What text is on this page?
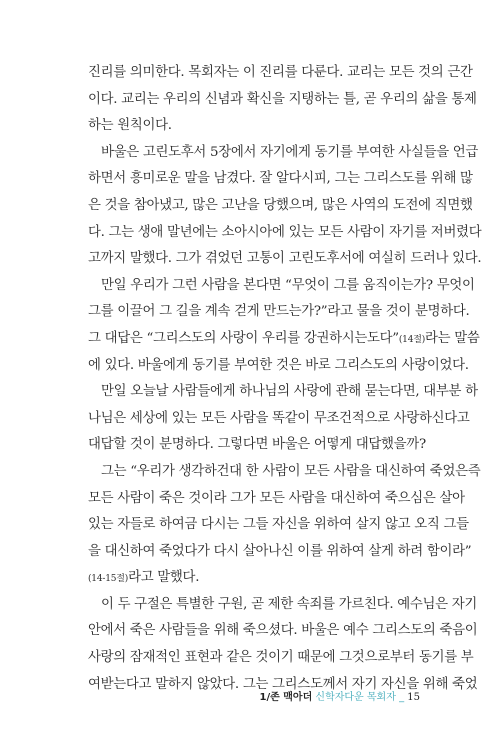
진리를 의미한다. 목회자는 이 진리를 다룬다. 교리는 모든 것의 근간
이다. 교리는 우리의 신념과 확신을 지탱하는 틀, 곧 우리의 삶을 통제
하는 원칙이다.
바울은 고린도후서 5장에서 자기에게 동기를 부여한 사실들을 언급
하면서 흥미로운 말을 남겼다. 잘 알다시피, 그는 그리스도를 위해 많
은 것을 참아냈고, 많은 고난을 당했으며, 많은 사역의 도전에 직면했
다. 그는 생애 말년에는 소아시아에 있는 모든 사람이 자기를 저버렸다
고까지 말했다. 그가 겪었던 고통이 고린도후서에 여실히 드러나 있다.
만일 우리가 그런 사람을 본다면 “무엇이 그를 움직이는가? 무엇이
그를 이끌어 그 길을 계속 걷게 만드는가?”라고 물을 것이 분명하다.
그 대답은 “그리스도의 사랑이 우리를 강권하시는도다”(14절)라는 말씀
에 있다. 바울에게 동기를 부여한 것은 바로 그리스도의 사랑이었다.
만일 오늘날 사람들에게 하나님의 사랑에 관해 묻는다면, 대부분 하
나님은 세상에 있는 모든 사람을 똑같이 무조건적으로 사랑하신다고
대답할 것이 분명하다. 그렇다면 바울은 어떻게 대답했을까?
그는 “우리가 생각하건대 한 사람이 모든 사람을 대신하여 죽었은즉
모든 사람이 죽은 것이라 그가 모든 사람을 대신하여 죽으심은 살아
있는 자들로 하여금 다시는 그들 자신을 위하여 살지 않고 오직 그들
을 대신하여 죽었다가 다시 살아나신 이를 위하여 살게 하려 함이라”
(14-15절)라고 말했다.
이 두 구절은 특별한 구원, 곧 제한 속죄를 가르친다. 예수님은 자기
안에서 죽은 사람들을 위해 죽으셨다. 바울은 예수 그리스도의 죽음이
사랑의 잠재적인 표현과 같은 것이기 때문에 그것으로부터 동기를 부
여받는다고 말하지 않았다. 그는 그리스도께서 자기 자신을 위해 죽었
1/존 맥아더 신학자다운 목회자 _ 15
